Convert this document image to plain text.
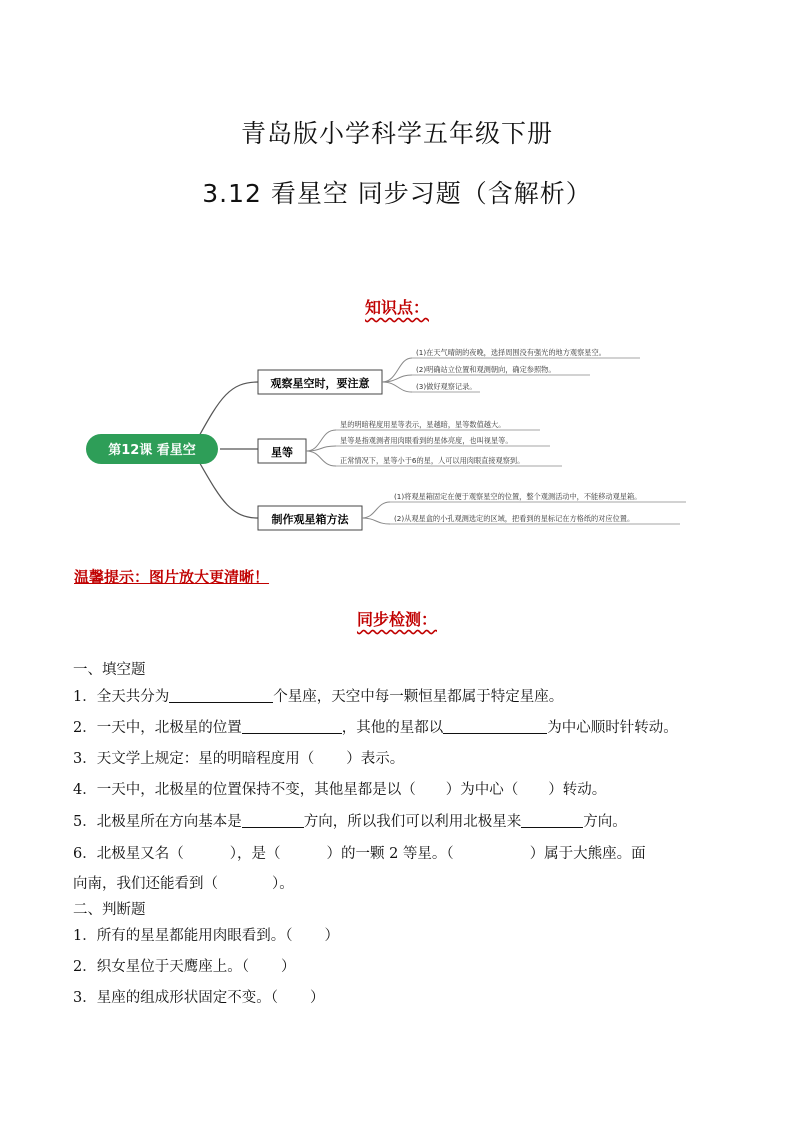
青岛版小学科学五年级下册
3.12 看星空 同步习题（含解析）
知识点：
第12课 看星空
观察星空时，要注意
(1)在天气晴朗的夜晚，选择周围没有强光的地方观察星空。
(2)明确站立位置和观测朝向，确定参照物。
(3)做好观察记录。
星等
星的明暗程度用星等表示，星越暗，星等数值越大。
星等是指观测者用肉眼看到的星体亮度，也叫视星等。
正常情况下，星等小于6的星，人可以用肉眼直接观察到。
制作观星箱方法
(1)将观星箱固定在便于观察星空的位置，整个观测活动中，不能移动观星箱。
(2)从观星盒的小孔观测选定的区域，把看到的星标记在方格纸的对应位置。
温馨提示：图片放大更清晰！
同步检测：
一、填空题
1．全天共分为	个星座，天空中每一颗恒星都属于特定星座。
2．一天中，北极星的位置	，其他的星都以	为中心顺时针转动。
3．天文学上规定：星的明暗程度用（ ）表示。
4．一天中，北极星的位置保持不变，其他星都是以（ ）为中心（ ）转动。
5．北极星所在方向基本是	方向，所以我们可以利用北极星来	方向。
6．北极星又名（	），是（	）的一颗 2 等星。（	）属于大熊座。面
向南，我们还能看到（	）。
二、判断题
1．所有的星星都能用肉眼看到。（ ）
2．织女星位于天鹰座上。（ ）
3．星座的组成形状固定不变。（ ）
